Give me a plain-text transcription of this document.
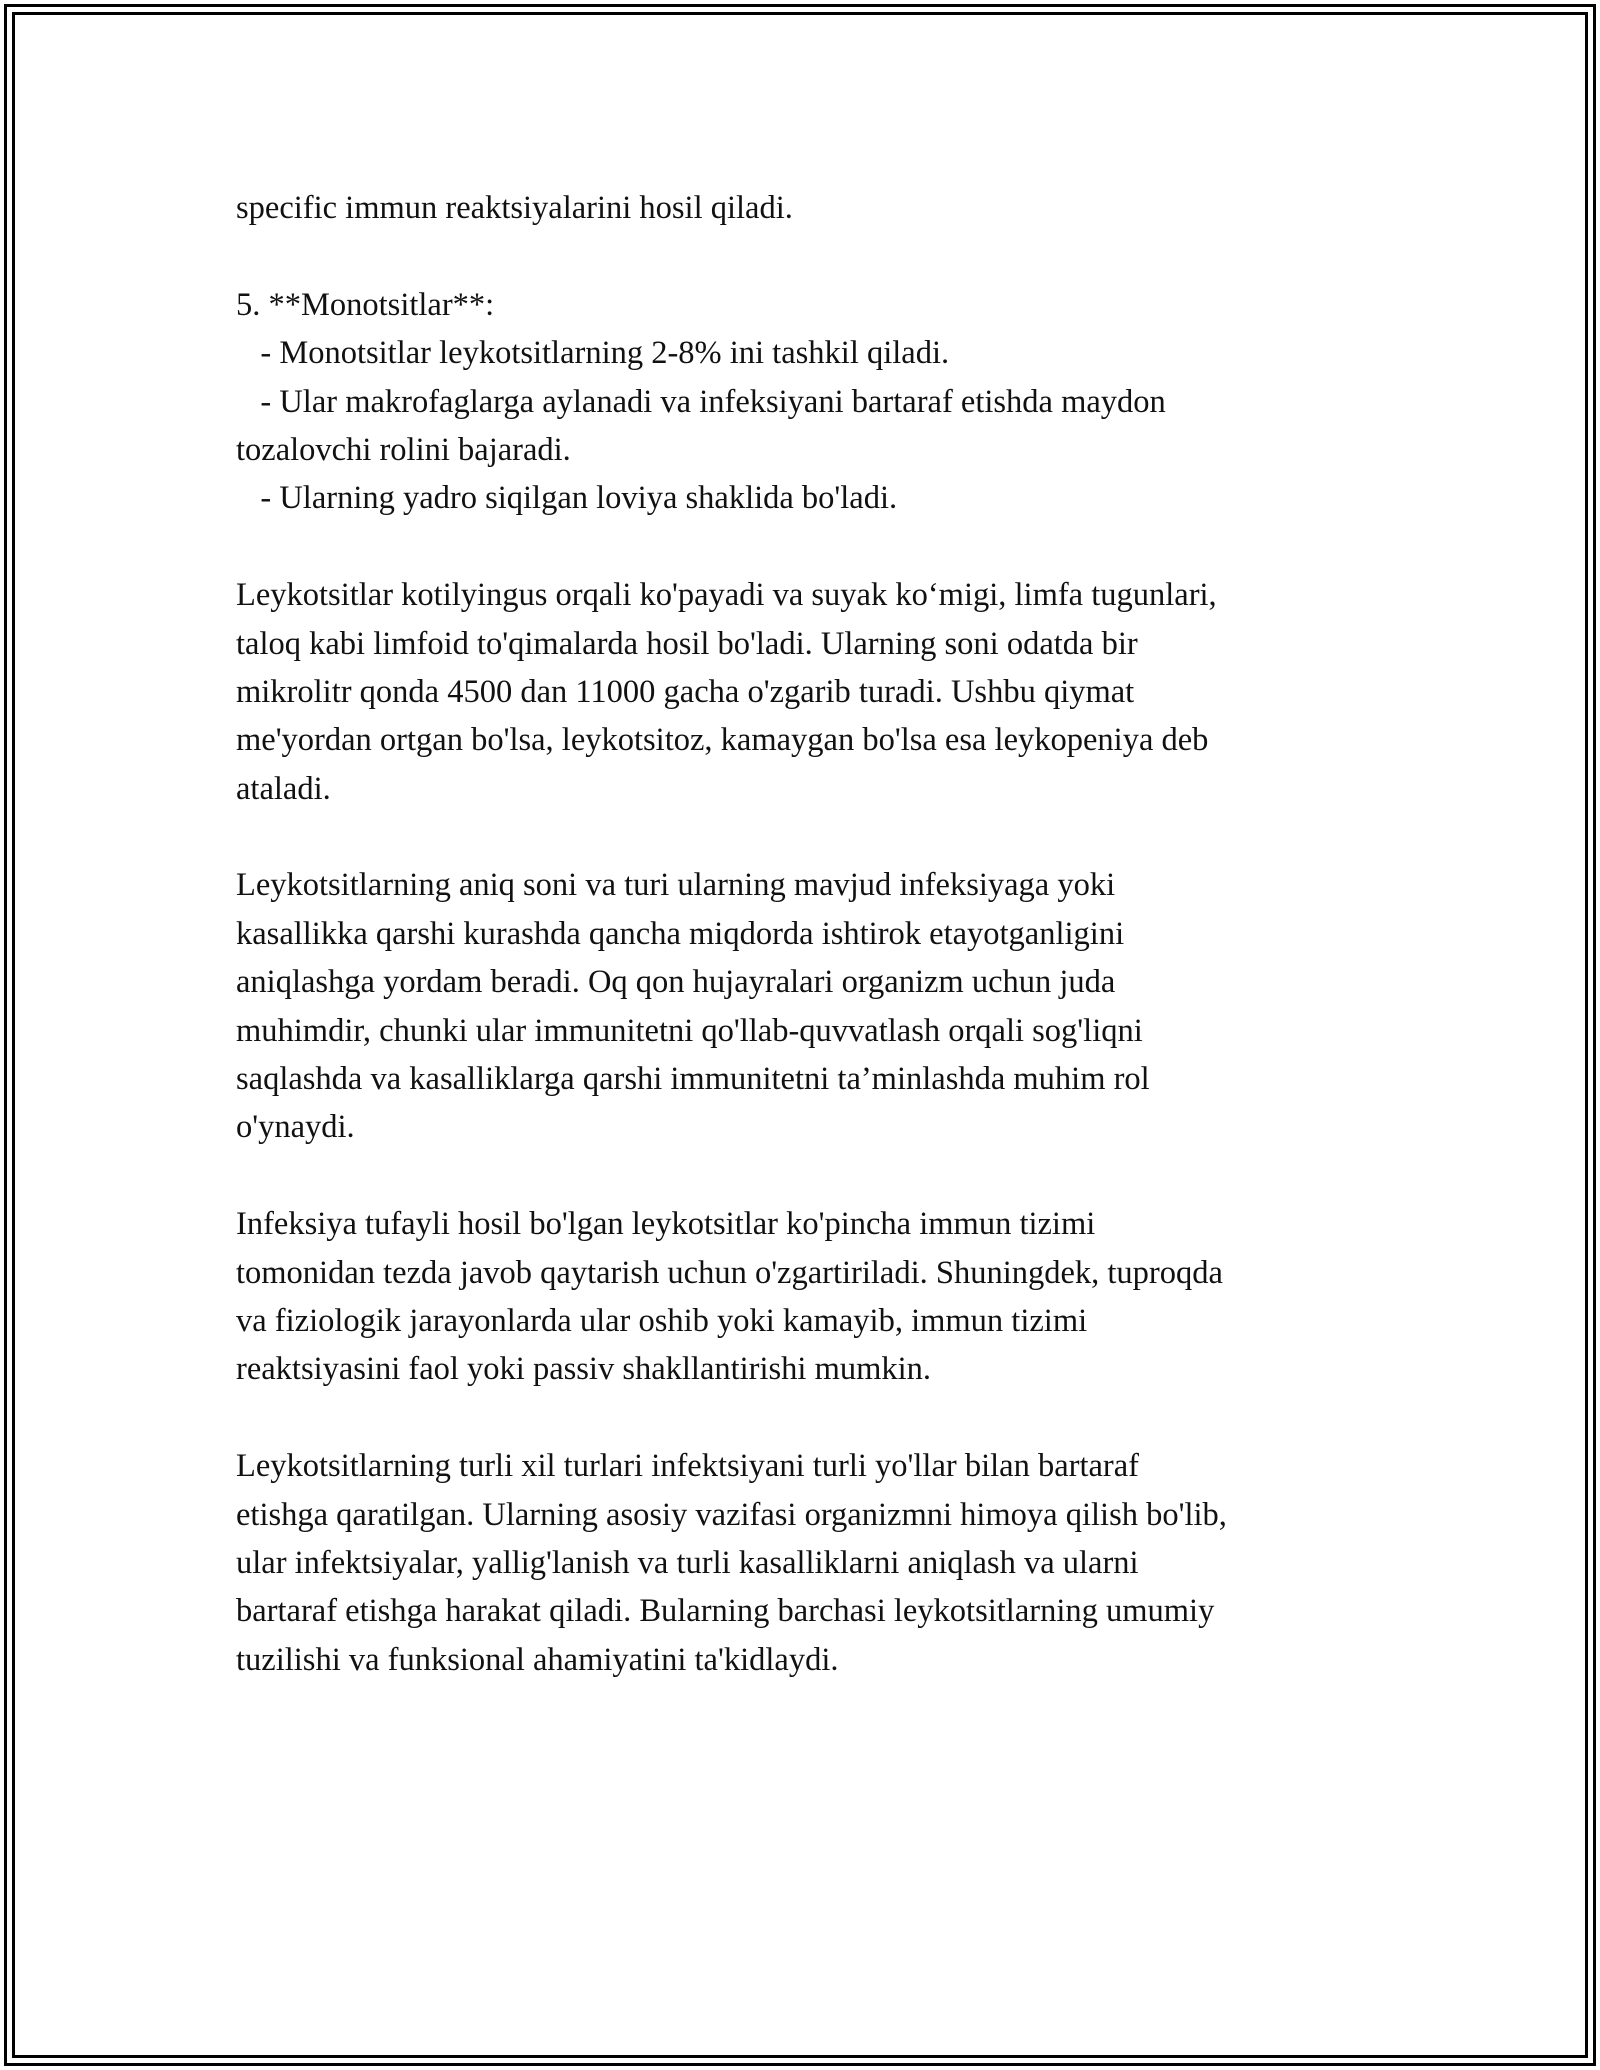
specific immun reaktsiyalarini hosil qiladi.
5. **Monotsitlar**:
- Monotsitlar leykotsitlarning 2-8% ini tashkil qiladi.
- Ular makrofaglarga aylanadi va infeksiyani bartaraf etishda maydon
tozalovchi rolini bajaradi.
- Ularning yadro siqilgan loviya shaklida bo'ladi.
Leykotsitlar kotilyingus orqali ko'payadi va suyak ko‘migi, limfa tugunlari,
taloq kabi limfoid to'qimalarda hosil bo'ladi. Ularning soni odatda bir
mikrolitr qonda 4500 dan 11000 gacha o'zgarib turadi. Ushbu qiymat
me'yordan ortgan bo'lsa, leykotsitoz, kamaygan bo'lsa esa leykopeniya deb
ataladi.
Leykotsitlarning aniq soni va turi ularning mavjud infeksiyaga yoki
kasallikka qarshi kurashda qancha miqdorda ishtirok etayotganligini
aniqlashga yordam beradi. Oq qon hujayralari organizm uchun juda
muhimdir, chunki ular immunitetni qo'llab-quvvatlash orqali sog'liqni
saqlashda va kasalliklarga qarshi immunitetni ta’minlashda muhim rol
o'ynaydi.
Infeksiya tufayli hosil bo'lgan leykotsitlar ko'pincha immun tizimi
tomonidan tezda javob qaytarish uchun o'zgartiriladi. Shuningdek, tuproqda
va fiziologik jarayonlarda ular oshib yoki kamayib, immun tizimi
reaktsiyasini faol yoki passiv shakllantirishi mumkin.
Leykotsitlarning turli xil turlari infektsiyani turli yo'llar bilan bartaraf
etishga qaratilgan. Ularning asosiy vazifasi organizmni himoya qilish bo'lib,
ular infektsiyalar, yallig'lanish va turli kasalliklarni aniqlash va ularni
bartaraf etishga harakat qiladi. Bularning barchasi leykotsitlarning umumiy
tuzilishi va funksional ahamiyatini ta'kidlaydi.
